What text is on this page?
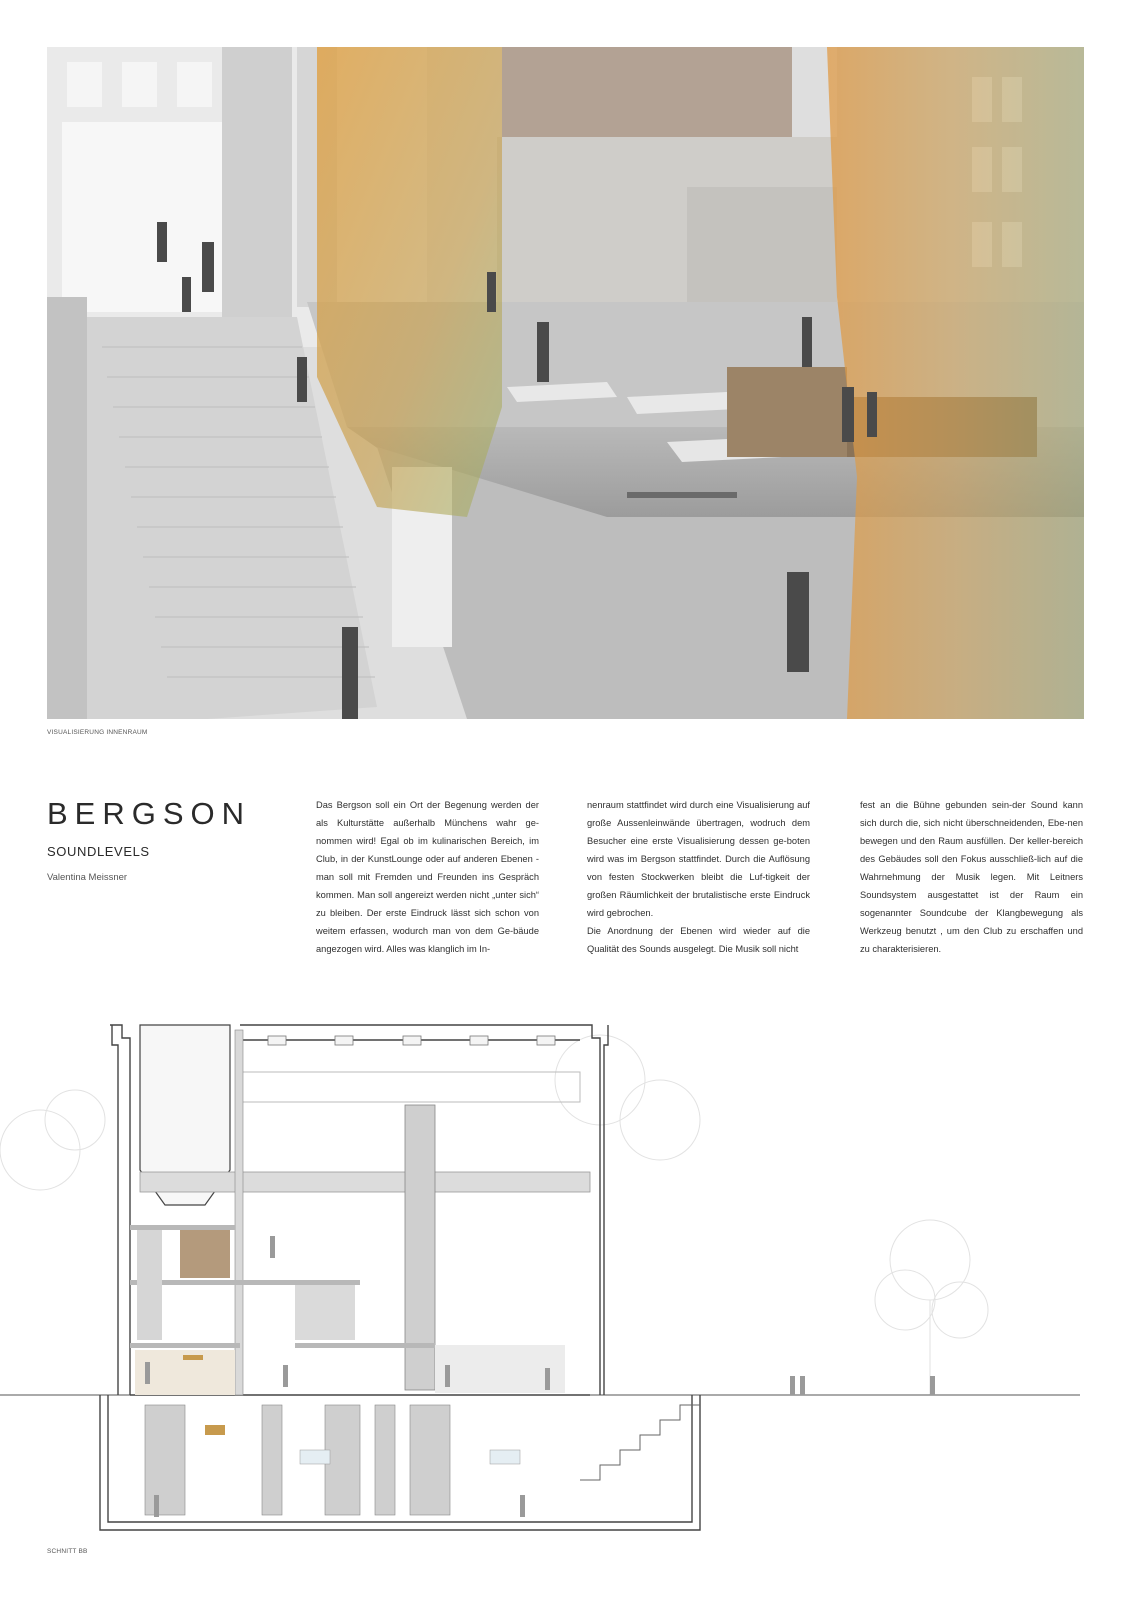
VISUALISIERUNG INNENRAUM
BERGSON
SOUNDLEVELS
Valentina Meissner

Das Bergson soll ein Ort der Begenung werden der als Kulturstätte außerhalb Münchens wahr ge-nommen wird! Egal ob im kulinarischen Bereich, im Club, in der KunstLounge oder auf anderen Ebenen - man soll mit Fremden und Freunden ins Gespräch kommen. Man soll angereizt werden nicht „unter sich“ zu bleiben. Der erste Eindruck lässt sich schon von weitem erfassen, wodurch man von dem Ge-bäude angezogen wird. Alles was klanglich im In-

nenraum stattfindet wird durch eine Visualisierung auf große Aussenleinwände übertragen, wodruch dem Besucher eine erste Visualisierung dessen ge-boten wird was im Bergson stattfindet. Durch die Auflösung von festen Stockwerken bleibt die Luf-tigkeit der großen Räumlichkeit der brutalistische erste Eindruck wird gebrochen.

Die Anordnung der Ebenen wird wieder auf die Qualität des Sounds ausgelegt. Die Musik soll nicht

fest an die Bühne gebunden sein-der Sound kann sich durch die, sich nicht überschneidenden, Ebe-nen bewegen und den Raum ausfüllen. Der keller-bereich des Gebäudes soll den Fokus ausschließ-lich auf die Wahrnehmung der Musik legen. Mit Leitners Soundsystem ausgestattet ist der Raum ein sogenannter Soundcube der Klangbewegung als Werkzeug benutzt , um den Club zu erschaffen und zu charakterisieren.

SCHNITT BB
